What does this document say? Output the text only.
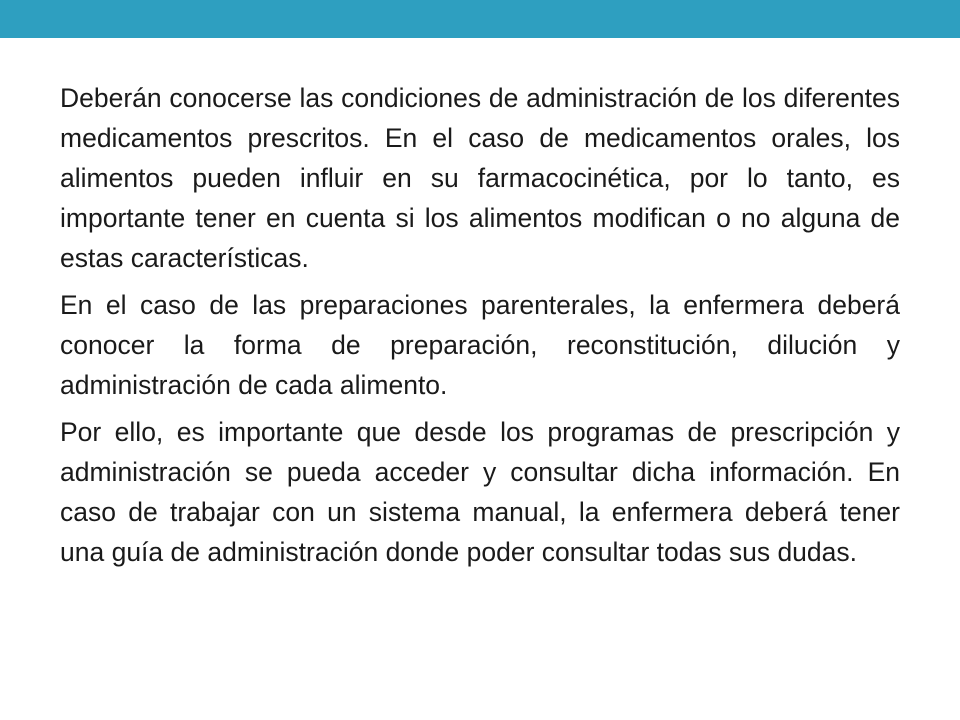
Deberán conocerse las condiciones de administración de los diferentes medicamentos prescritos. En el caso de medicamentos orales, los alimentos pueden influir en su farmacocinética, por lo tanto, es importante tener en cuenta si los alimentos modifican o no alguna de estas características.

En el caso de las preparaciones parenterales, la enfermera deberá conocer la forma de preparación, reconstitución, dilución y administración de cada alimento.

Por ello, es importante que desde los programas de prescripción y administración se pueda acceder y consultar dicha información. En caso de trabajar con un sistema manual, la enfermera deberá tener una guía de administración donde poder consultar todas sus dudas.
